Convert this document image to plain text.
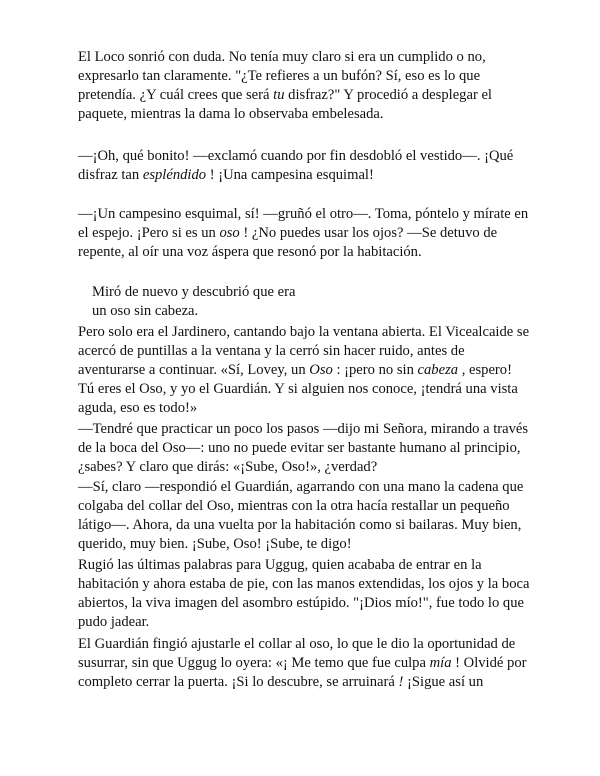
El Loco sonrió con duda. No tenía muy claro si era un cumplido o no, expresarlo tan claramente. "¿Te refieres a un bufón? Sí, eso es lo que pretendía. ¿Y cuál crees que será tu disfraz?" Y procedió a desplegar el paquete, mientras la dama lo observaba embelesada.

—¡Oh, qué bonito! —exclamó cuando por fin desdobló el vestido—. ¡Qué disfraz tan espléndido ! ¡Una campesina esquimal!

—¡Un campesino esquimal, sí! —gruñó el otro—. Toma, póntelo y mírate en el espejo. ¡Pero si es un oso ! ¿No puedes usar los ojos? —Se detuvo de repente, al oír una voz áspera que resonó por la habitación.

Miró de nuevo y descubrió que era
un oso sin cabeza.

Pero solo era el Jardinero, cantando bajo la ventana abierta. El Vicealcaide se acercó de puntillas a la ventana y la cerró sin hacer ruido, antes de aventurarse a continuar. «Sí, Lovey, un Oso : ¡pero no sin cabeza , espero! Tú eres el Oso, y yo el Guardián. Y si alguien nos conoce, ¡tendrá una vista aguda, eso es todo!»

—Tendré que practicar un poco los pasos —dijo mi Señora, mirando a través de la boca del Oso—: uno no puede evitar ser bastante humano al principio, ¿sabes? Y claro que dirás: «¡Sube, Oso!», ¿verdad?

—Sí, claro —respondió el Guardián, agarrando con una mano la cadena que colgaba del collar del Oso, mientras con la otra hacía restallar un pequeño látigo—. Ahora, da una vuelta por la habitación como si bailaras. Muy bien, querido, muy bien. ¡Sube, Oso! ¡Sube, te digo!

Rugió las últimas palabras para Uggug, quien acababa de entrar en la habitación y ahora estaba de pie, con las manos extendidas, los ojos y la boca abiertos, la viva imagen del asombro estúpido. "¡Dios mío!", fue todo lo que pudo jadear.

El Guardián fingió ajustarle el collar al oso, lo que le dio la oportunidad de susurrar, sin que Uggug lo oyera: «¡ Me temo que fue culpa mía ! Olvidé por completo cerrar la puerta. ¡Si lo descubre, se arruinará ! ¡Sigue así un
